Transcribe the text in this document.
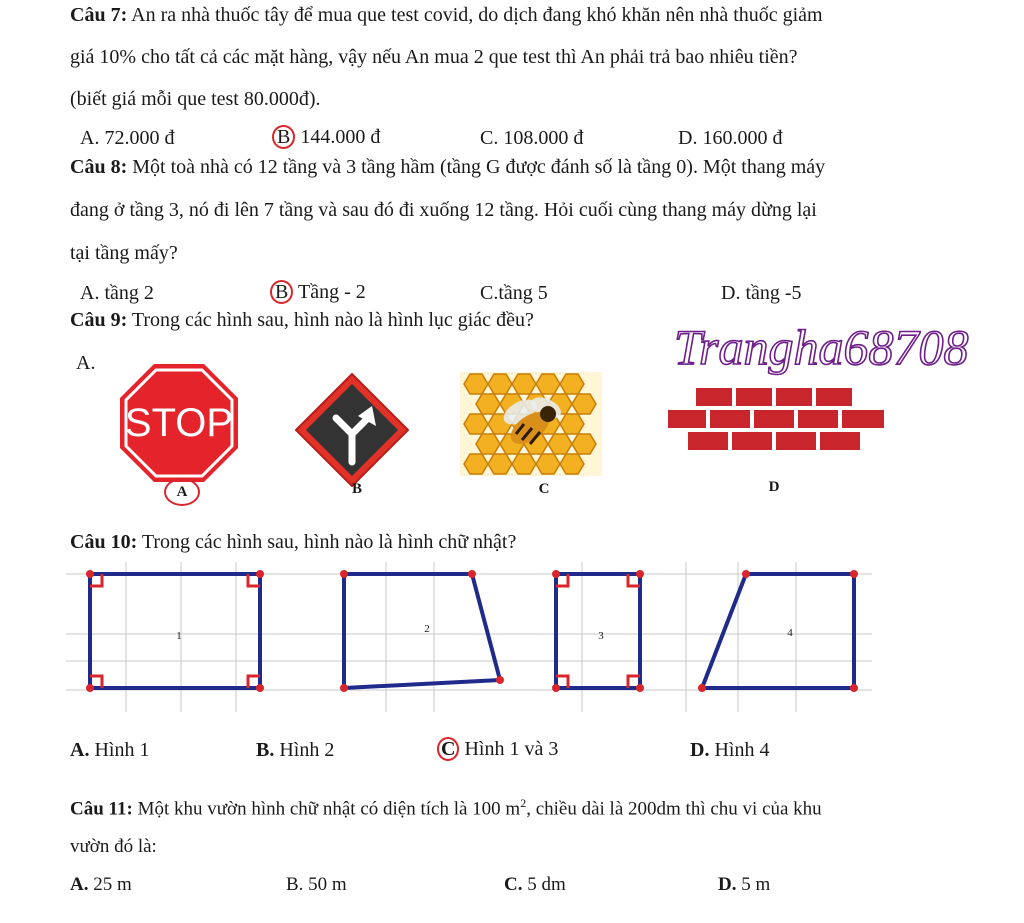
Câu 7: An ra nhà thuốc tây để mua que test covid, do dịch đang khó khăn nên nhà thuốc giảm
giá 10% cho tất cả các mặt hàng, vậy nếu An mua 2 que test thì An phải trả bao nhiêu tiền?
(biết giá mỗi que test 80.000đ).
A. 72.000 đ	B 144.000 đ	C. 108.000 đ	D. 160.000 đ
Câu 8: Một toà nhà có 12 tầng và 3 tầng hầm (tầng G được đánh số là tầng 0). Một thang máy
đang ở tầng 3, nó đi lên 7 tầng và sau đó đi xuống 12 tầng. Hỏi cuối cùng thang máy dừng lại
tại tầng mấy?
A. tầng 2	B Tầng - 2	C.tầng 5	D. tầng -5
Câu 9: Trong các hình sau, hình nào là hình lục giác đều?
A.	Trangha68708
STOP
A	B	C	D
Câu 10: Trong các hình sau, hình nào là hình chữ nhật?
1
2
3	4
A. Hình 1	B. Hình 2	C Hình 1 và 3	D. Hình 4
Câu 11: Một khu vườn hình chữ nhật có diện tích là 100 $m^2$, chiều dài là 200dm thì chu vi của khu
vườn đó là:
A. 25 m	B. 50 m	C. 5 dm	D. 5 m
